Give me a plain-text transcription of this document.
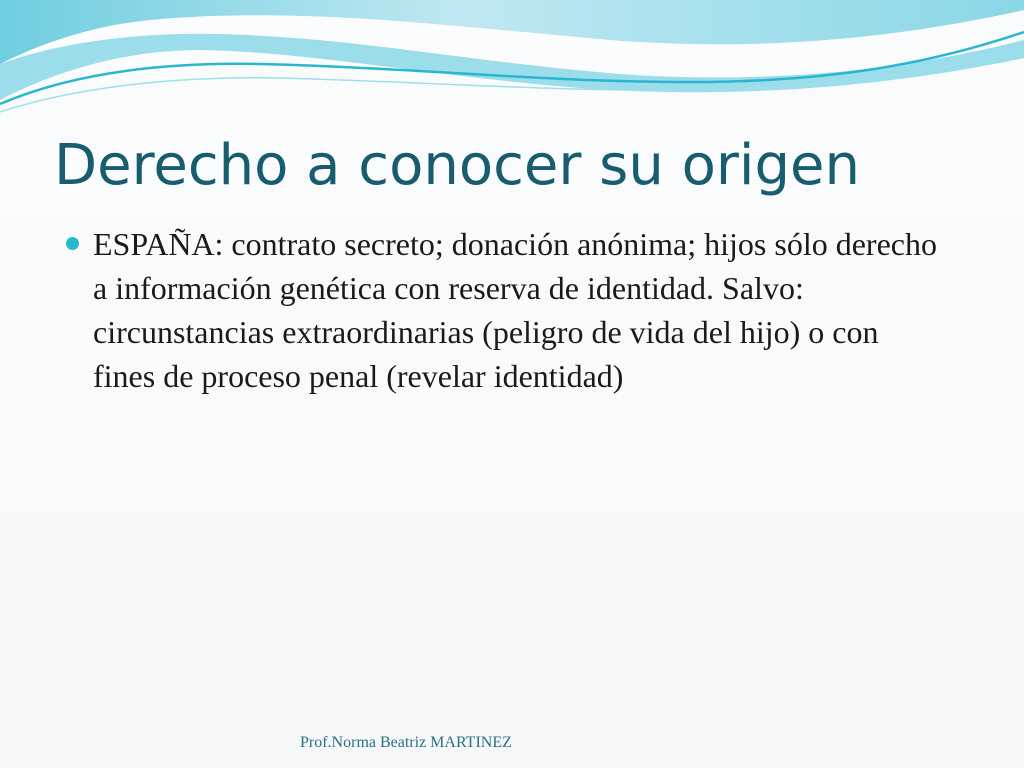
Derecho a conocer su origen

ESPAÑA: contrato secreto; donación anónima; hijos sólo derecho a información genética con reserva de identidad. Salvo: circunstancias extraordinarias (peligro de vida del hijo) o con fines de proceso penal (revelar identidad)

Prof.Norma Beatriz MARTINEZ
